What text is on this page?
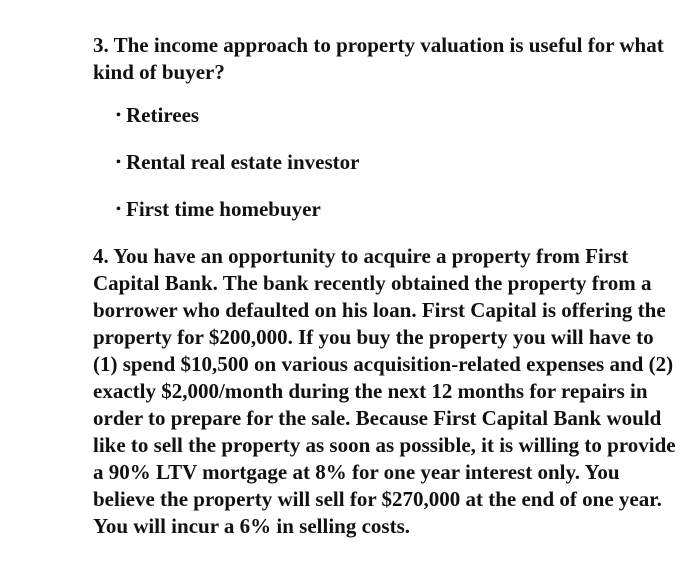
3. The income approach to property valuation is useful for what kind of buyer?

• Retirees
• Rental real estate investor
• First time homebuyer

4. You have an opportunity to acquire a property from First Capital Bank. The bank recently obtained the property from a borrower who defaulted on his loan. First Capital is offering the property for $200,000. If you buy the property you will have to (1) spend $10,500 on various acquisition-related expenses and (2) exactly $2,000/month during the next 12 months for repairs in order to prepare for the sale. Because First Capital Bank would like to sell the property as soon as possible, it is willing to provide a 90% LTV mortgage at 8% for one year interest only. You believe the property will sell for $270,000 at the end of one year. You will incur a 6% in selling costs.
